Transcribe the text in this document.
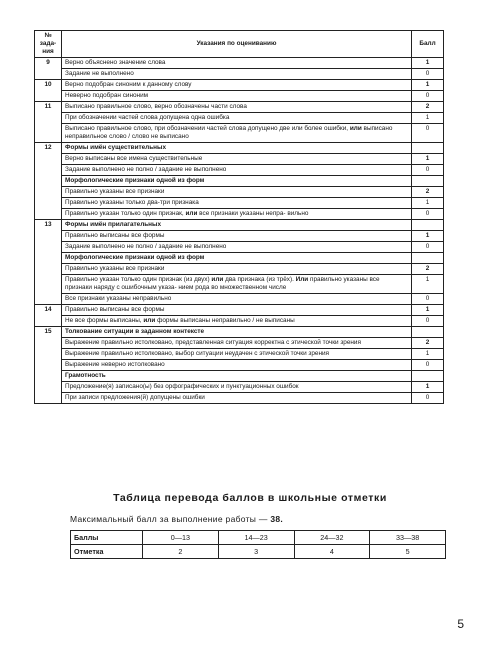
№ зада- ния	Указания по оцениванию	Балл
9	Верно объяснено значение слова	1
	Задание не выполнено	0
10	Верно подобран синоним к данному слову	1
	Неверно подобран синоним	0
11	Выписано правильное слово, верно обозначены части слова	2
	При обозначении частей слова допущена одна ошибка	1
	Выписано правильное слово, при обозначении частей слова допущено две или более ошибки, или выписано неправильное слово / слово не выписано	0
12	Формы имён существительных	
	Верно выписаны все имена существительные	1
	Задание выполнено не полно / задание не выполнено	0
	Морфологические признаки одной из форм	
	Правильно указаны все признаки	2
	Правильно указаны только два-три признака	1
	Правильно указан только один признак, или все признаки указаны непра- вильно	0
13	Формы имён прилагательных	
	Правильно выписаны все формы	1
	Задание выполнено не полно / задание не выполнено	0
	Морфологические признаки одной из форм	
	Правильно указаны все признаки	2
	Правильно указан только один признак (из двух) или два признака (из трёх). Или правильно указаны все признаки наряду с ошибочным указа- нием рода во множественном числе	1
	Все признаки указаны неправильно	0
14	Правильно выписаны все формы	1
	Не все формы выписаны, или формы выписаны неправильно / не выписаны	0
15	Толкование ситуации в заданном контексте	
	Выражение правильно истолковано, представленная ситуация корректна с этической точки зрения	2
	Выражение правильно истолковано, выбор ситуации неудачен с этической точки зрения	1
	Выражение неверно истолковано	0
	Грамотность	
	Предложение(я) записано(ы) без орфографических и пунктуационных ошибок	1
	При записи предложения(й) допущены ошибки	0
Таблица перевода баллов в школьные отметки
Максимальный балл за выполнение работы — 38.
Баллы	0—13	14—23	24—32	33—38
Отметка	2	3	4	5
5
